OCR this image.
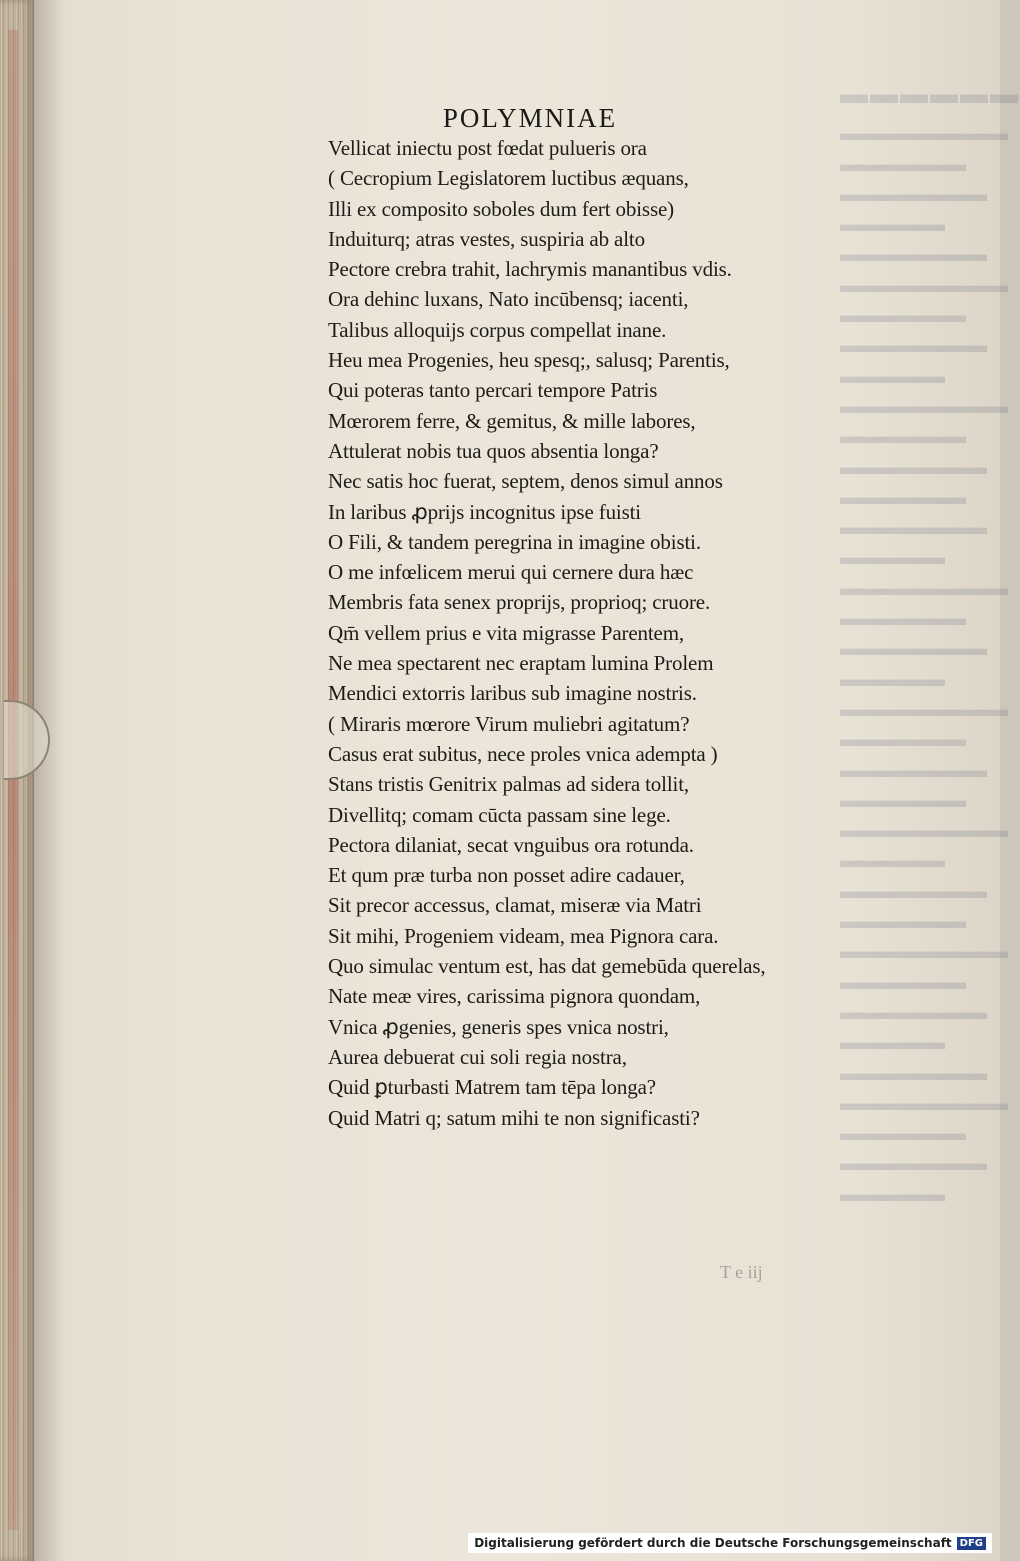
▬▬▬▬▬▬
▬▬▬▬▬▬▬▬
▬▬▬▬▬▬
▬▬▬▬▬▬▬
▬▬▬▬▬
▬▬▬▬▬▬▬
▬▬▬▬▬▬▬▬
▬▬▬▬▬▬
▬▬▬▬▬▬▬
▬▬▬▬▬
▬▬▬▬▬▬▬▬
▬▬▬▬▬▬
▬▬▬▬▬▬▬
▬▬▬▬▬▬
▬▬▬▬▬▬▬
▬▬▬▬▬
▬▬▬▬▬▬▬▬
▬▬▬▬▬▬
▬▬▬▬▬▬▬
▬▬▬▬▬
▬▬▬▬▬▬▬▬
▬▬▬▬▬▬
▬▬▬▬▬▬▬
▬▬▬▬▬▬
▬▬▬▬▬▬▬▬
▬▬▬▬▬
▬▬▬▬▬▬▬
▬▬▬▬▬▬
▬▬▬▬▬▬▬▬
▬▬▬▬▬▬
▬▬▬▬▬▬▬
▬▬▬▬▬
▬▬▬▬▬▬▬
▬▬▬▬▬▬▬▬
▬▬▬▬▬▬
▬▬▬▬▬▬▬
▬▬▬▬▬
POLYMNIAE
Vellicat iniectu post fœdat pulueris ora
( Cecropium Legislatorem luctibus æquans,
Illi ex composito soboles dum fert obisse)
Induiturq; atras vestes, suspiria ab alto
Pectore crebra trahit, lachrymis manantibus vdis.
Ora dehinc luxans, Nato incūbensq; iacenti,
Talibus alloquijs corpus compellat inane.
Heu mea Progenies, heu spesq;, salusq; Parentis,
Qui poteras tanto percari tempore Patris
Mœrorem ferre, & gemitus, & mille labores,
Attulerat nobis tua quos absentia longa?
Nec satis hoc fuerat, septem, denos simul annos
In laribus ꝓprijs incognitus ipse fuisti
O Fili, & tandem peregrina in imagine obisti.
O me infœlicem merui qui cernere dura hæc
Membris fata senex proprijs, proprioq; cruore.
Qm̄ vellem prius e vita migrasse Parentem,
Ne mea spectarent nec eraptam lumina Prolem
Mendici extorris laribus sub imagine nostris.
( Miraris mœrore Virum muliebri agitatum?
Casus erat subitus, nece proles vnica adempta )
Stans tristis Genitrix palmas ad sidera tollit,
Divellitq; comam cūcta passam sine lege.
Pectora dilaniat, secat vnguibus ora rotunda.
Et qum præ turba non posset adire cadauer,
Sit precor accessus, clamat, miseræ via Matri
Sit mihi, Progeniem videam, mea Pignora cara.
Quo simulac ventum est, has dat gemebūda querelas,
Nate meæ vires, carissima pignora quondam,
Vnica ꝓgenies, generis spes vnica nostri,
Aurea debuerat cui soli regia nostra,
Quid ꝑturbasti Matrem tam tēpa longa?
Quid Matri q; satum mihi te non significasti?
T e iij
Digitalisierung gefördert durch die Deutsche Forschungsgemeinschaft DFG
